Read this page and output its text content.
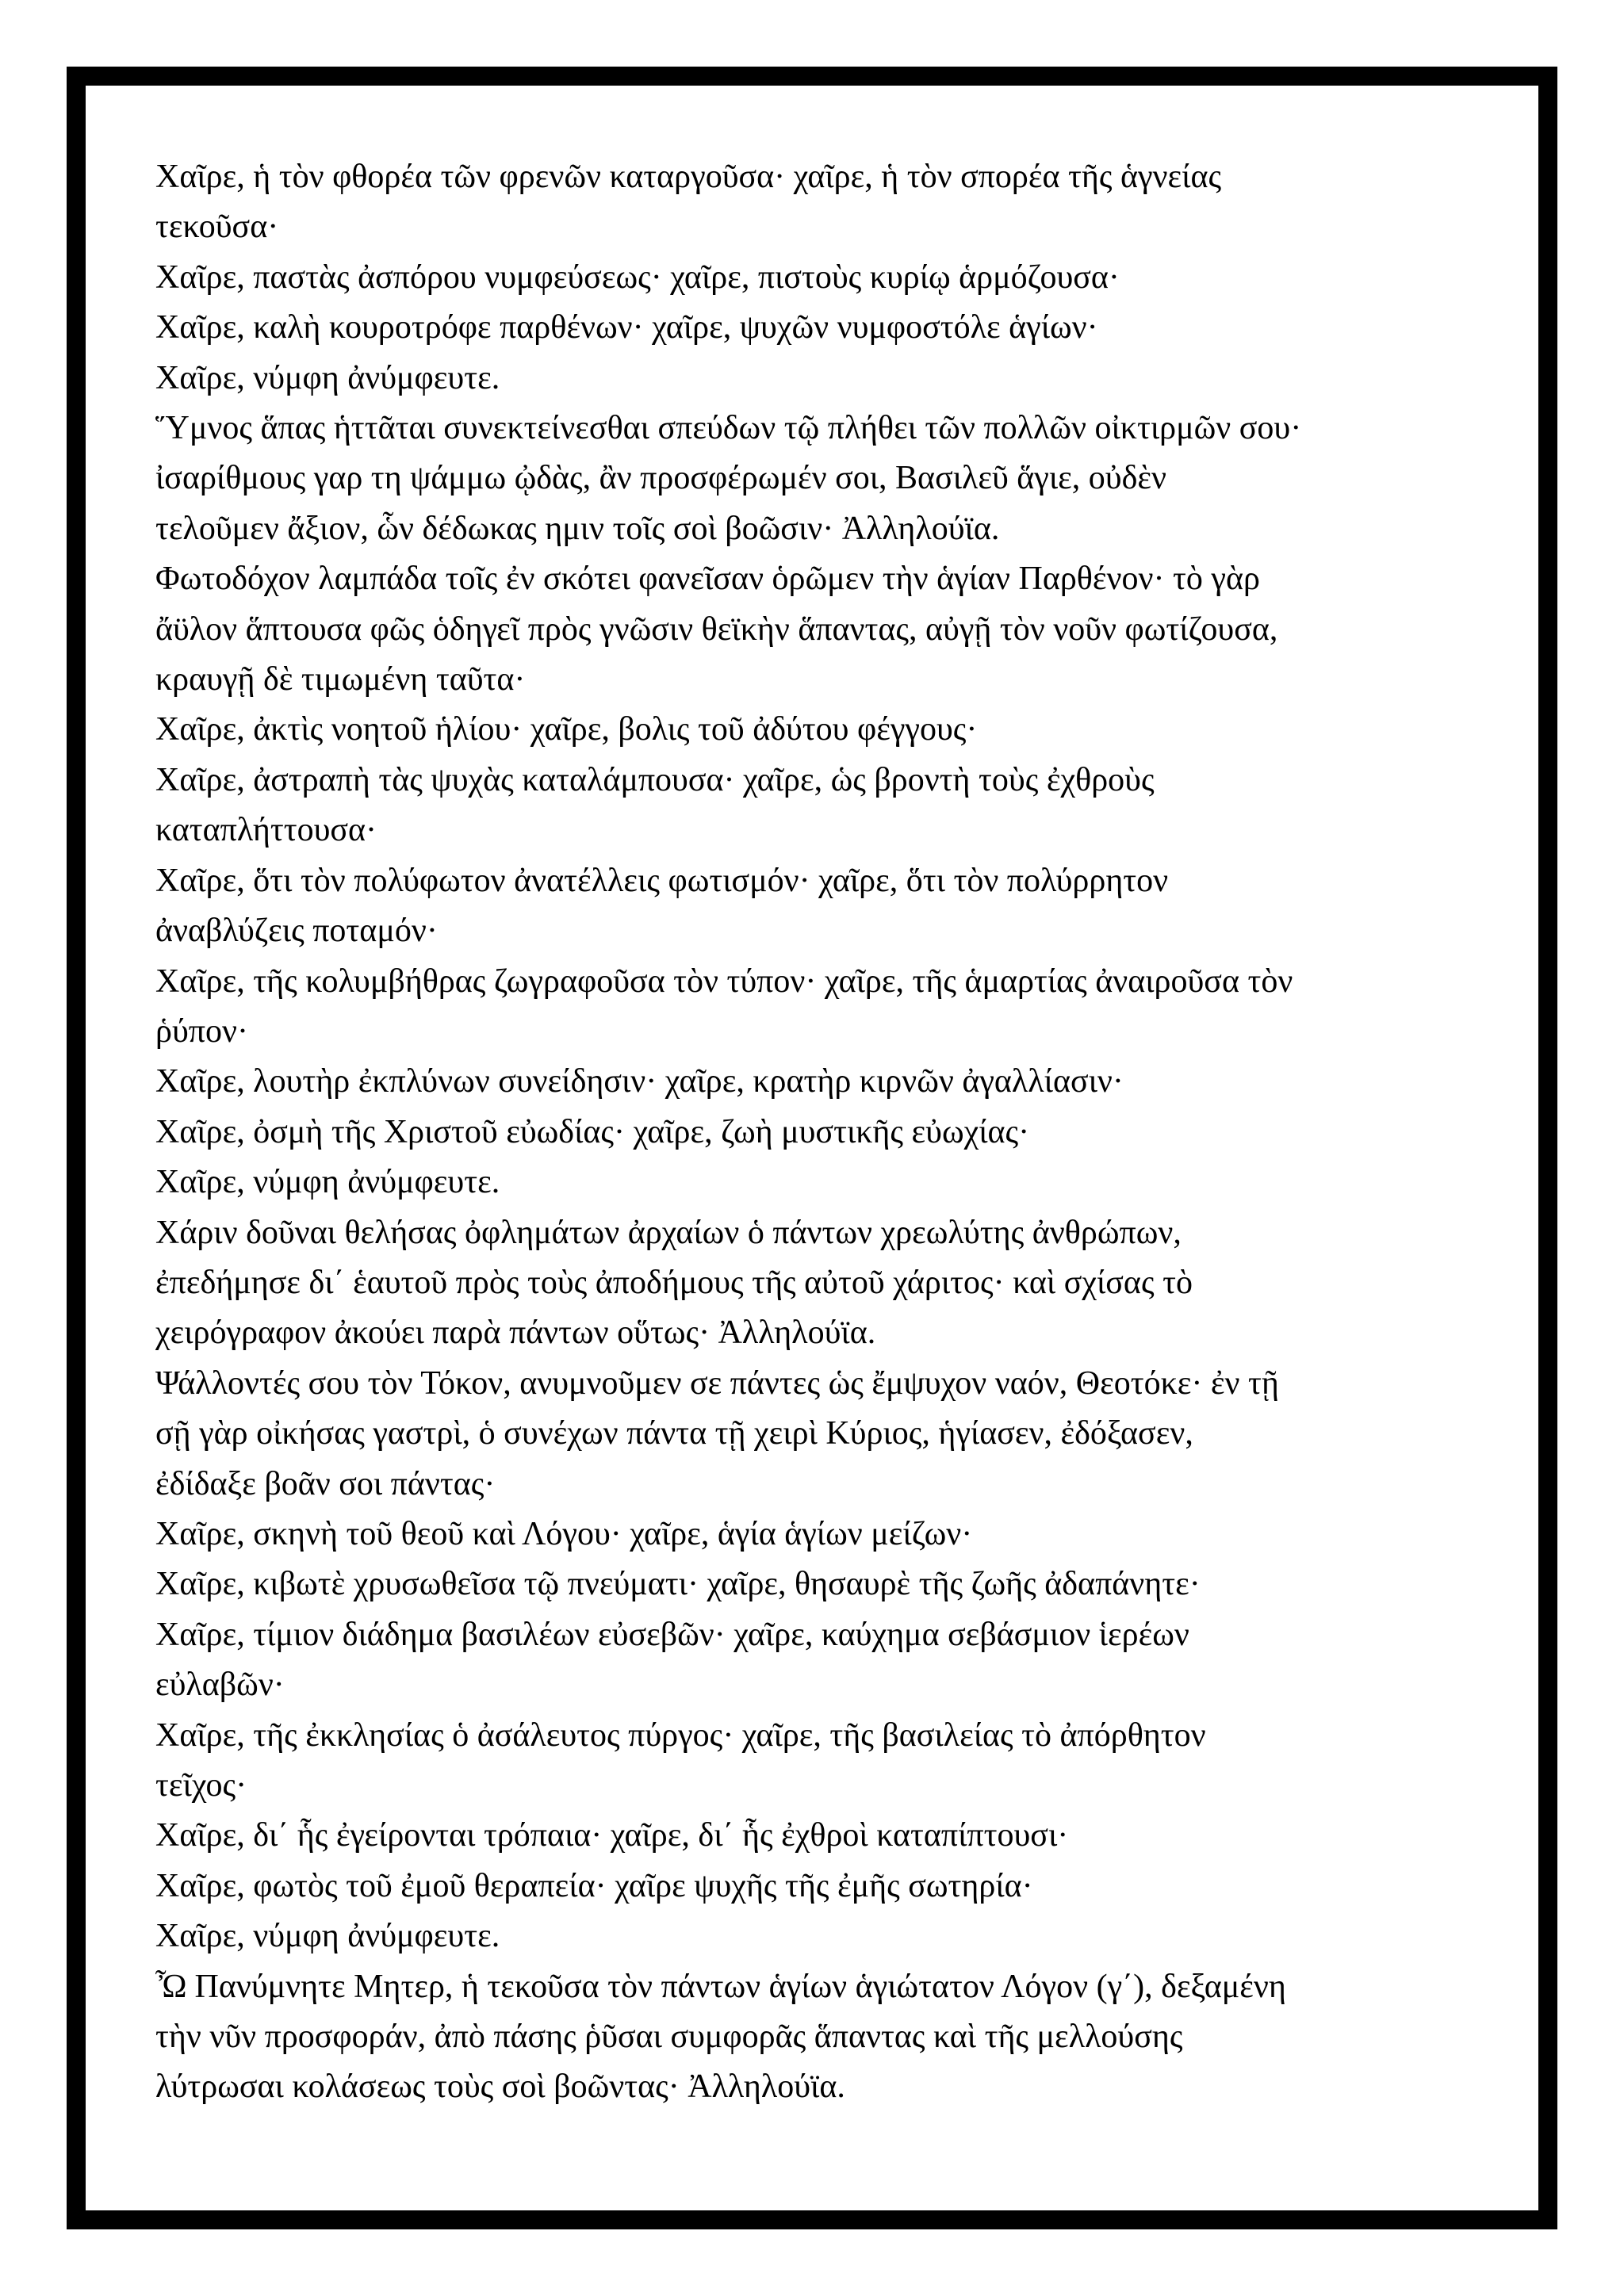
Χαῖρε, ἡ τὸν φθορέα τῶν φρενῶν καταργοῦσα· χαῖρε, ἡ τὸν σπορέα τῆς ἁγνείας

τεκοῦσα·

Χαῖρε, παστὰς ἀσπόρου νυμφεύσεως· χαῖρε, πιστοὺς κυρίῳ ἁρμόζουσα·

Χαῖρε, καλὴ κουροτρόφε παρθένων· χαῖρε, ψυχῶν νυμφοστόλε ἁγίων·

Χαῖρε, νύμφη ἀνύμφευτε.

Ὕμνος ἅπας ἡττᾶται συνεκτείνεσθαι σπεύδων τῷ πλήθει τῶν πολλῶν οἰκτιρμῶν σου·

ἰσαρίθμους γαρ τη ψάμμω ᾠδὰς, ἂν προσφέρωμέν σοι, Βασιλεῦ ἅγιε, οὐδὲν

τελοῦμεν ἄξιον, ὧν δέδωκας ημιν τοῖς σοὶ βοῶσιν· Ἀλληλούϊα.

Φωτοδόχον λαμπάδα τοῖς ἐν σκότει φανεῖσαν ὁρῶμεν τὴν ἁγίαν Παρθένον· τὸ γὰρ

ἄϋλον ἅπτουσα φῶς ὁδηγεῖ πρὸς γνῶσιν θεϊκὴν ἅπαντας, αὐγῇ τὸν νοῦν φωτίζουσα,

κραυγῇ δὲ τιμωμένη ταῦτα·

Χαῖρε, ἀκτὶς νοητοῦ ἡλίου· χαῖρε, βολις τοῦ ἀδύτου φέγγους·

Χαῖρε, ἀστραπὴ τὰς ψυχὰς καταλάμπουσα· χαῖρε, ὡς βροντὴ τοὺς ἐχθροὺς

καταπλήττουσα·

Χαῖρε, ὅτι τὸν πολύφωτον ἀνατέλλεις φωτισμόν· χαῖρε, ὅτι τὸν πολύρρητον

ἀναβλύζεις ποταμόν·

Χαῖρε, τῆς κολυμβήθρας ζωγραφοῦσα τὸν τύπον· χαῖρε, τῆς ἁμαρτίας ἀναιροῦσα τὸν

ῥύπον·

Χαῖρε, λουτὴρ ἐκπλύνων συνείδησιν· χαῖρε, κρατὴρ κιρνῶν ἀγαλλίασιν·

Χαῖρε, ὀσμὴ τῆς Χριστοῦ εὐωδίας· χαῖρε, ζωὴ μυστικῆς εὐωχίας·

Χαῖρε, νύμφη ἀνύμφευτε.

Χάριν δοῦναι θελήσας ὀφλημάτων ἀρχαίων ὁ πάντων χρεωλύτης ἀνθρώπων,

ἐπεδήμησε δι΄ ἑαυτοῦ πρὸς τοὺς ἀποδήμους τῆς αὐτοῦ χάριτος· καὶ σχίσας τὸ

χειρόγραφον ἀκούει παρὰ πάντων οὕτως· Ἀλληλούϊα.

Ψάλλοντές σου τὸν Τόκον, ανυμνοῦμεν σε πάντες ὡς ἔμψυχον ναόν, Θεοτόκε· ἐν τῇ

σῇ γὰρ οἰκήσας γαστρὶ, ὁ συνέχων πάντα τῇ χειρὶ Κύριος, ἡγίασεν, ἐδόξασεν,

ἐδίδαξε βοᾶν σοι πάντας·

Χαῖρε, σκηνὴ τοῦ θεοῦ καὶ Λόγου· χαῖρε, ἁγία ἁγίων μείζων·

Χαῖρε, κιβωτὲ χρυσωθεῖσα τῷ πνεύματι· χαῖρε, θησαυρὲ τῆς ζωῆς ἀδαπάνητε·

Χαῖρε, τίμιον διάδημα βασιλέων εὐσεβῶν· χαῖρε, καύχημα σεβάσμιον ἱερέων

εὐλαβῶν·

Χαῖρε, τῆς ἐκκλησίας ὁ ἀσάλευτος πύργος· χαῖρε, τῆς βασιλείας τὸ ἀπόρθητον

τεῖχος·

Χαῖρε, δι΄ ἧς ἐγείρονται τρόπαια· χαῖρε, δι΄ ἧς ἐχθροὶ καταπίπτουσι·

Χαῖρε, φωτὸς τοῦ ἐμοῦ θεραπεία· χαῖρε ψυχῆς τῆς ἐμῆς σωτηρία·

Χαῖρε, νύμφη ἀνύμφευτε.

Ὦ Πανύμνητε Μητερ, ἡ τεκοῦσα τὸν πάντων ἁγίων ἁγιώτατον Λόγον (γ΄), δεξαμένη

τὴν νῦν προσφοράν, ἀπὸ πάσης ῥῦσαι συμφορᾶς ἅπαντας καὶ τῆς μελλούσης

λύτρωσαι κολάσεως τοὺς σοὶ βοῶντας· Ἀλληλούϊα.
